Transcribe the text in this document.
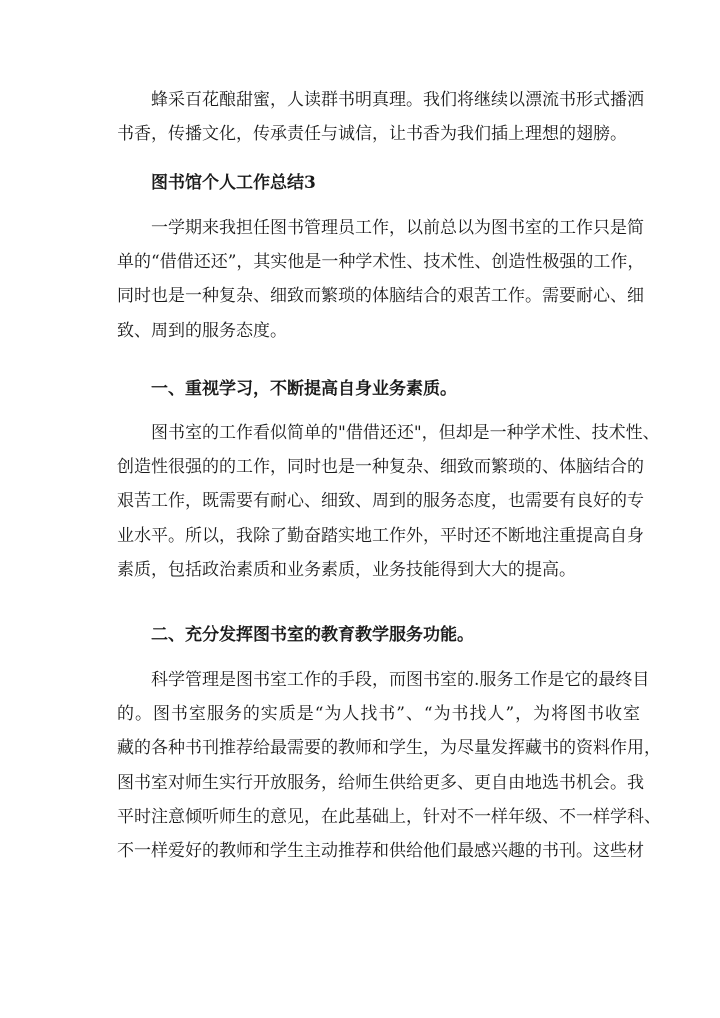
蜂采百花酿甜蜜，人读群书明真理。我们将继续以漂流书形式播洒
书香，传播文化，传承责任与诚信，让书香为我们插上理想的翅膀。
图书馆个人工作总结3
一学期来我担任图书管理员工作，以前总以为图书室的工作只是简
单的“借借还还”，其实他是一种学术性、技术性、创造性极强的工作，
同时也是一种复杂、细致而繁琐的体脑结合的艰苦工作。需要耐心、细
致、周到的服务态度。
一、重视学习，不断提高自身业务素质。
图书室的工作看似简单的"借借还还"，但却是一种学术性、技术性、
创造性很强的的工作，同时也是一种复杂、细致而繁琐的、体脑结合的
艰苦工作，既需要有耐心、细致、周到的服务态度，也需要有良好的专
业水平。所以，我除了勤奋踏实地工作外，平时还不断地注重提高自身
素质，包括政治素质和业务素质，业务技能得到大大的提高。
二、充分发挥图书室的教育教学服务功能。
科学管理是图书室工作的手段，而图书室的.服务工作是它的最终目
的。图书室服务的实质是“为人找书”、“为书找人”，为将图书收室
藏的各种书刊推荐给最需要的教师和学生，为尽量发挥藏书的资料作用，
图书室对师生实行开放服务，给师生供给更多、更自由地选书机会。我
平时注意倾听师生的意见，在此基础上，针对不一样年级、不一样学科、
不一样爱好的教师和学生主动推荐和供给他们最感兴趣的书刊。这些材
